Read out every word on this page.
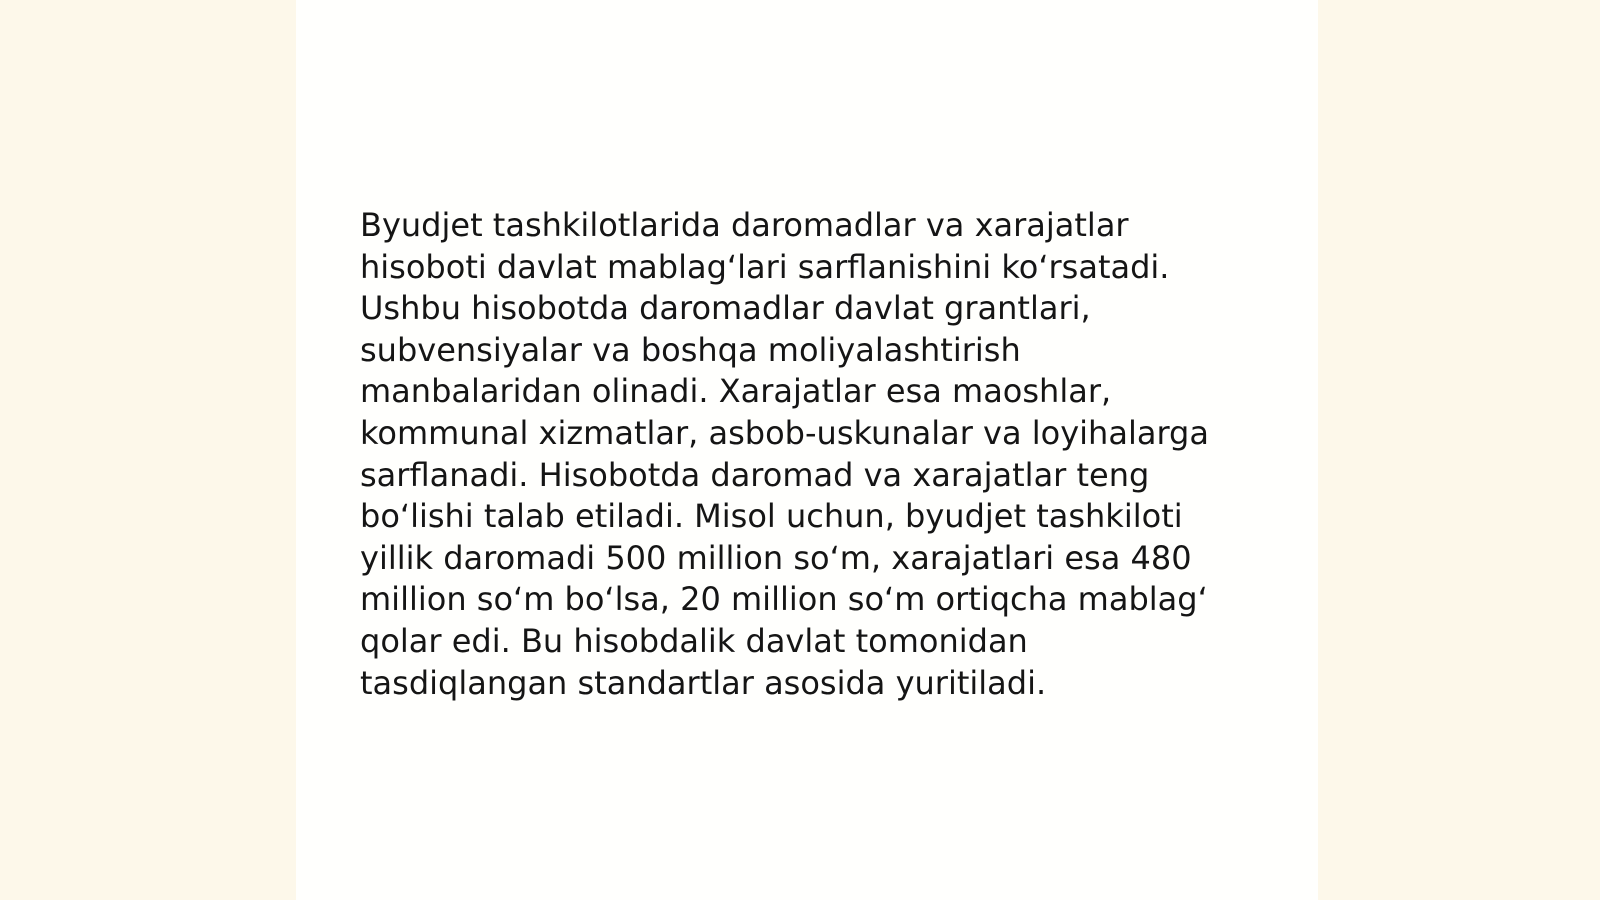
Byudjet tashkilotlarida daromadlar va xarajatlar
hisoboti davlat mablag‘lari sarflanishini ko‘rsatadi.
Ushbu hisobotda daromadlar davlat grantlari,
subvensiyalar va boshqa moliyalashtirish
manbalaridan olinadi. Xarajatlar esa maoshlar,
kommunal xizmatlar, asbob-uskunalar va loyihalarga
sarflanadi. Hisobotda daromad va xarajatlar teng
bo‘lishi talab etiladi. Misol uchun, byudjet tashkiloti
yillik daromadi 500 million so‘m, xarajatlari esa 480
million so‘m bo‘lsa, 20 million so‘m ortiqcha mablag‘
qolar edi. Bu hisobdalik davlat tomonidan
tasdiqlangan standartlar asosida yuritiladi.
